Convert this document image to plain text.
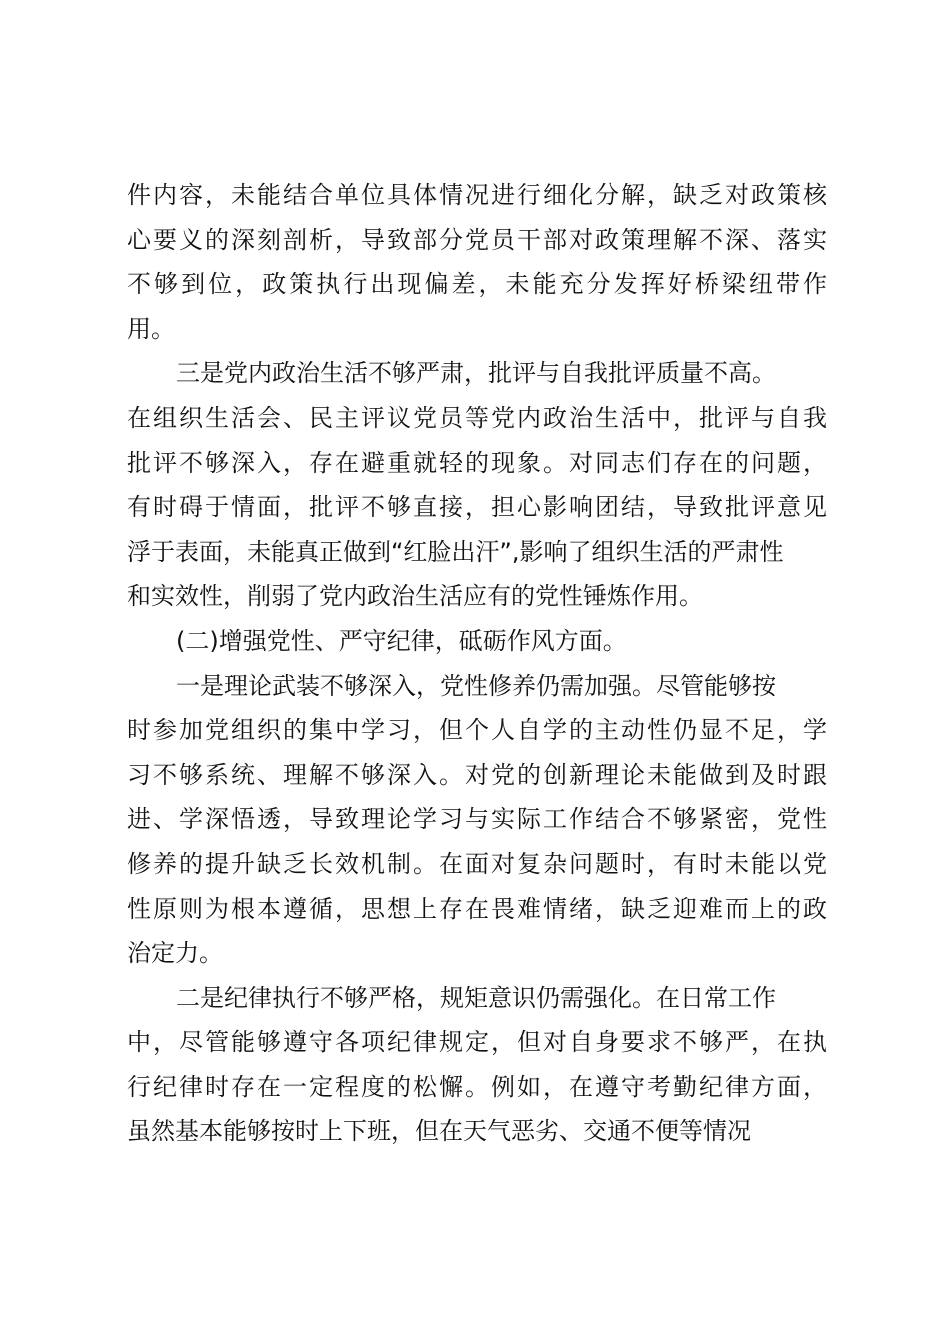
件内容，未能结合单位具体情况进行细化分解，缺乏对政策核
心要义的深刻剖析，导致部分党员干部对政策理解不深、落实
不够到位，政策执行出现偏差，未能充分发挥好桥梁纽带作
用。
三是党内政治生活不够严肃，批评与自我批评质量不高。
在组织生活会、民主评议党员等党内政治生活中，批评与自我
批评不够深入，存在避重就轻的现象。对同志们存在的问题，
有时碍于情面，批评不够直接，担心影响团结，导致批评意见
浮于表面，未能真正做到“红脸出汗”,影响了组织生活的严肃性
和实效性，削弱了党内政治生活应有的党性锤炼作用。
(二)增强党性、严守纪律，砥砺作风方面。
一是理论武装不够深入，党性修养仍需加强。尽管能够按
时参加党组织的集中学习，但个人自学的主动性仍显不足，学
习不够系统、理解不够深入。对党的创新理论未能做到及时跟
进、学深悟透，导致理论学习与实际工作结合不够紧密，党性
修养的提升缺乏长效机制。在面对复杂问题时，有时未能以党
性原则为根本遵循，思想上存在畏难情绪，缺乏迎难而上的政
治定力。
二是纪律执行不够严格，规矩意识仍需强化。在日常工作
中，尽管能够遵守各项纪律规定，但对自身要求不够严，在执
行纪律时存在一定程度的松懈。例如，在遵守考勤纪律方面，
虽然基本能够按时上下班，但在天气恶劣、交通不便等情况
